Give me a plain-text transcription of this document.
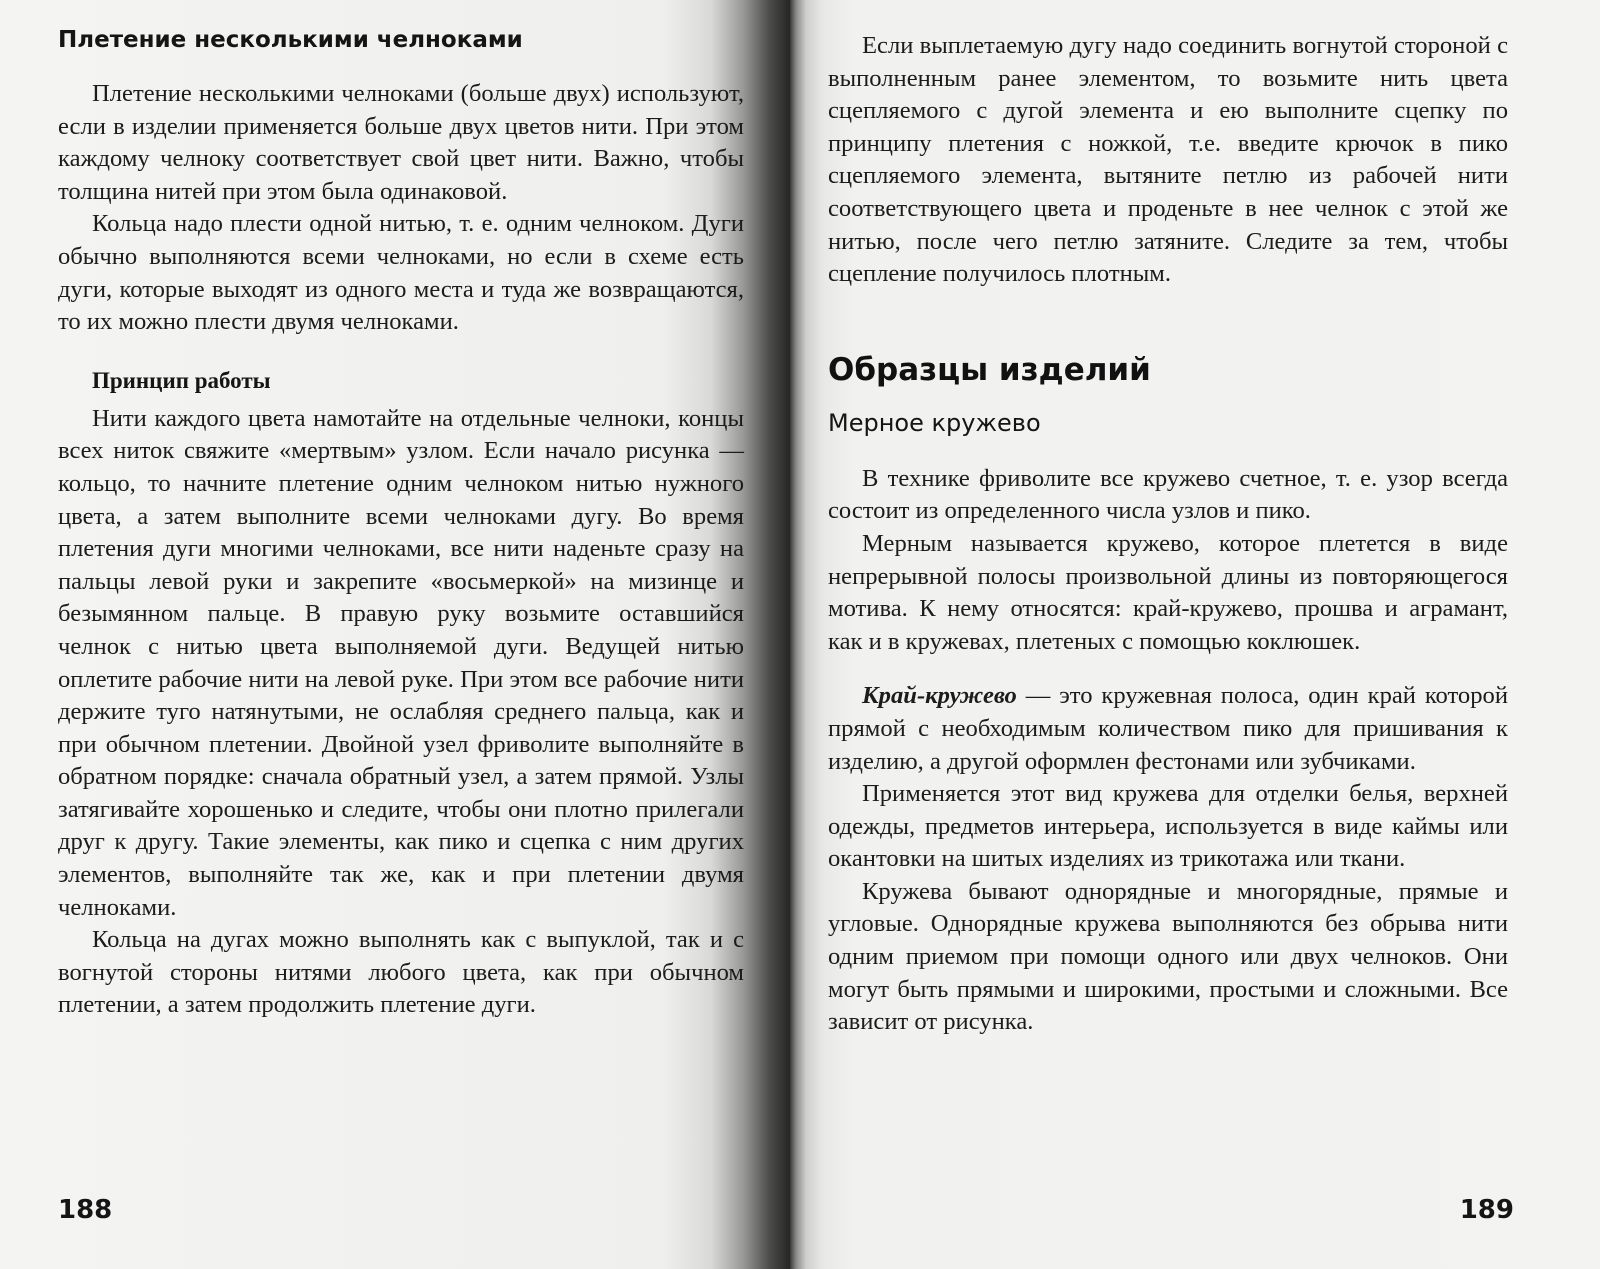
Плетение несколькими челноками

Плетение несколькими челноками (больше двух) используют, если в изделии применяется больше двух цветов нити. При этом каждому челноку соответствует свой цвет нити. Важно, чтобы толщина нитей при этом была одинаковой.

Кольца надо плести одной нитью, т. е. одним челноком. Дуги обычно выполняются всеми челноками, но если в схеме есть дуги, которые выходят из одного места и туда же возвращаются, то их можно плести двумя челноками.

Принцип работы

Нити каждого цвета намотайте на отдельные челноки, концы всех ниток свяжите «мертвым» узлом. Если начало рисунка — кольцо, то начните плетение одним челноком нитью нужного цвета, а затем выполните всеми челноками дугу. Во время плетения дуги многими челноками, все нити наденьте сразу на пальцы левой руки и закрепите «восьмеркой» на мизинце и безымянном пальце. В правую руку возьмите оставшийся челнок с нитью цвета выполняемой дуги. Ведущей нитью оплетите рабочие нити на левой руке. При этом все рабочие нити держите туго натянутыми, не ослабляя среднего пальца, как и при обычном плетении. Двойной узел фриволите выполняйте в обратном порядке: сначала обратный узел, а затем прямой. Узлы затягивайте хорошенько и следите, чтобы они плотно прилегали друг к другу. Такие элементы, как пико и сцепка с ним других элементов, выполняйте так же, как и при плетении двумя челноками.

Кольца на дугах можно выполнять как с выпуклой, так и с вогнутой стороны нитями любого цвета, как при обычном плетении, а затем продолжить плетение дуги.

188

Если выплетаемую дугу надо соединить вогнутой стороной с выполненным ранее элементом, то возьмите нить цвета сцепляемого с дугой элемента и ею выполните сцепку по принципу плетения с ножкой, т.е. введите крючок в пико сцепляемого элемента, вытяните петлю из рабочей нити соответствующего цвета и проденьте в нее челнок с этой же нитью, после чего петлю затяните. Следите за тем, чтобы сцепление получилось плотным.

Образцы изделий
Мерное кружево

В технике фриволите все кружево счетное, т. е. узор всегда состоит из определенного числа узлов и пико.

Мерным называется кружево, которое плетется в виде непрерывной полосы произвольной длины из повторяющегося мотива. К нему относятся: край-кружево, прошва и аграмант, как и в кружевах, плетеных с помощью коклюшек.

Край-кружево — это кружевная полоса, один край которой прямой с необходимым количеством пико для пришивания к изделию, а другой оформлен фестонами или зубчиками.

Применяется этот вид кружева для отделки белья, верхней одежды, предметов интерьера, используется в виде каймы или окантовки на шитых изделиях из трикотажа или ткани.

Кружева бывают однорядные и многорядные, прямые и угловые. Однорядные кружева выполняются без обрыва нити одним приемом при помощи одного или двух челноков. Они могут быть прямыми и широкими, простыми и сложными. Все зависит от рисунка.

189
